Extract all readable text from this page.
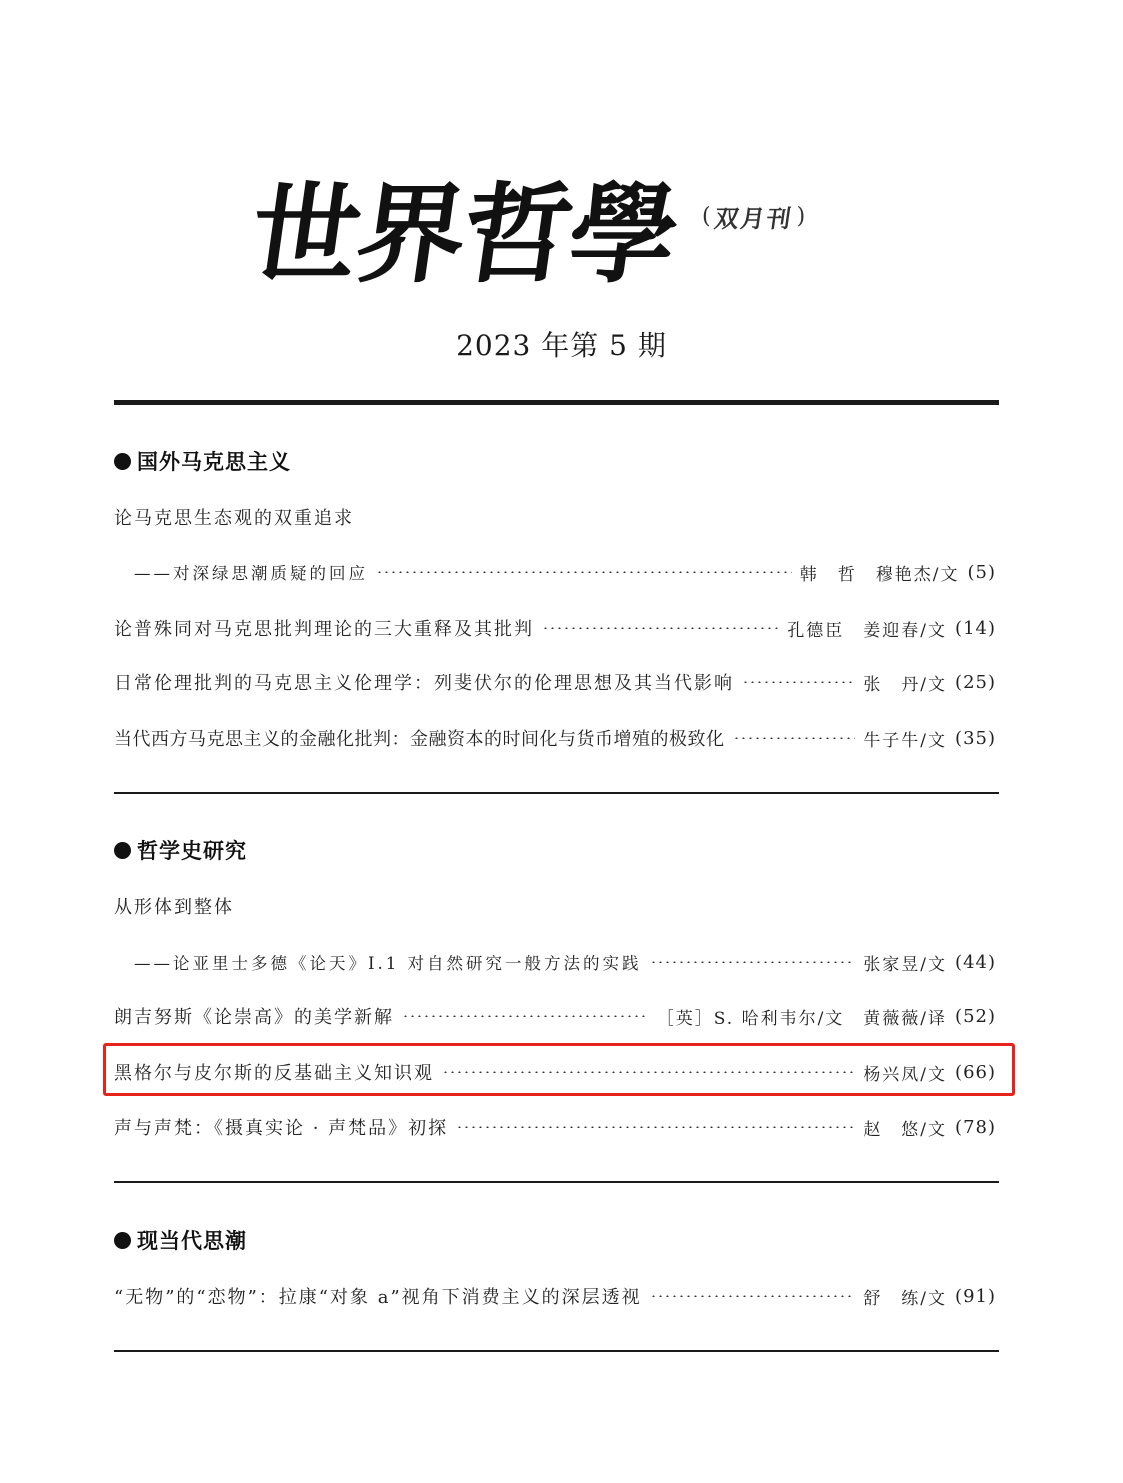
世界哲學 ( 双月刊 )
2023 年第 5 期
国外马克思主义
论马克思生态观的双重追求
——对深绿思潮质疑的回应	韩　哲　穆艳杰/文 (5)
论普殊同对马克思批判理论的三大重释及其批判	孔德臣　姜迎春/文 (14)
日常伦理批判的马克思主义伦理学：列斐伏尔的伦理思想及其当代影响	张　丹/文 (25)
当代西方马克思主义的金融化批判：金融资本的时间化与货币增殖的极致化	牛子牛/文 (35)
哲学史研究
从形体到整体
——论亚里士多德《论天》I.1 对自然研究一般方法的实践	张家昱/文 (44)
朗吉努斯《论崇高》的美学新解	［英］S. 哈利韦尔/文　黄薇薇/译 (52)
黑格尔与皮尔斯的反基础主义知识观	杨兴凤/文 (66)
声与声梵：《摄真实论 · 声梵品》初探	赵　悠/文 (78)
现当代思潮
“无物”的“恋物”：拉康“对象 a”视角下消费主义的深层透视	舒　练/文 (91)
